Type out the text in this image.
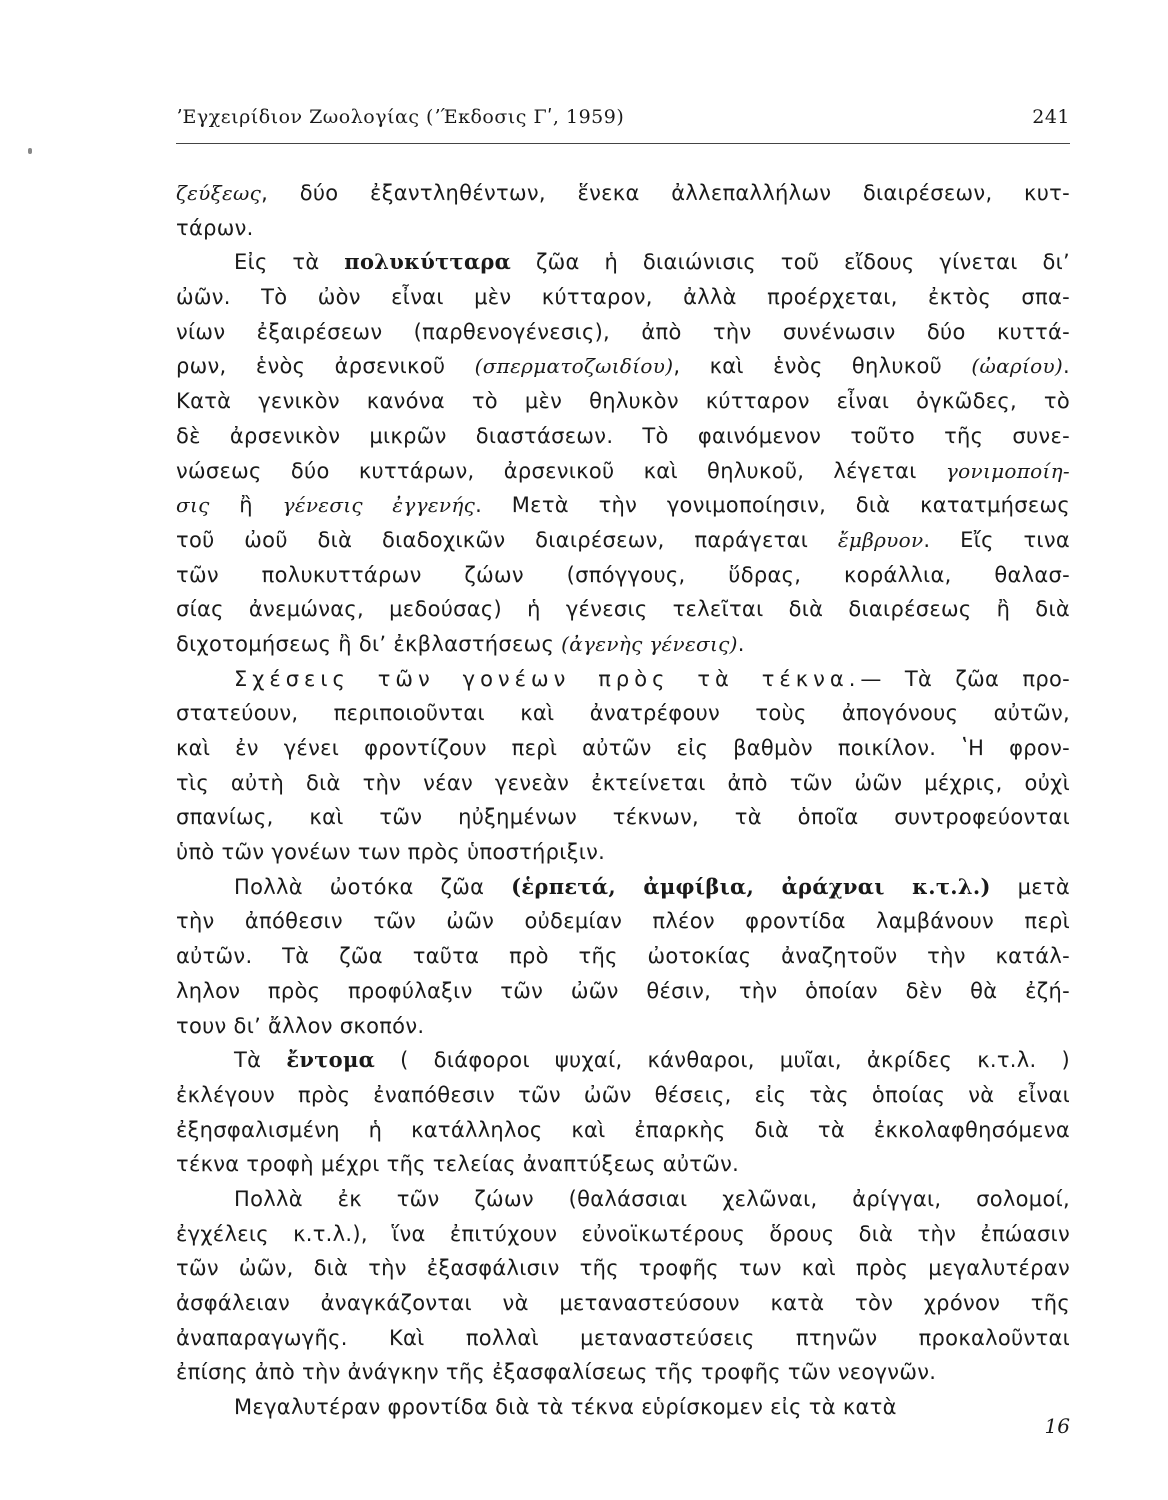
ʼΕγχειρίδιον Ζωολογίας (ʼΈκδοσις Γʹ, 1959)	241
ζεύξεως, δύο ἐξαντληθέντων, ἕνεκα ἀλλεπαλλήλων διαιρέσεων, κυτ-
τάρων.
Εἰς τὰ πολυκύτταρα ζῶα ἡ διαιώνισις τοῦ εἴδους γίνεται διʼ
ὠῶν. Τὸ ὠὸν εἶναι μὲν κύτταρον, ἀλλὰ προέρχεται, ἐκτὸς σπα-
νίων ἐξαιρέσεων (παρθενογένεσις), ἀπὸ τὴν συνένωσιν δύο κυττά-
ρων, ἑνὸς ἀρσενικοῦ (σπερματοζωιδίου), καὶ ἑνὸς θηλυκοῦ (ὠαρίου).
Κατὰ γενικὸν κανόνα τὸ μὲν θηλυκὸν κύτταρον εἶναι ὀγκῶδες, τὸ
δὲ ἀρσενικὸν μικρῶν διαστάσεων. Τὸ φαινόμενον τοῦτο τῆς συνε-
νώσεως δύο κυττάρων, ἀρσενικοῦ καὶ θηλυκοῦ, λέγεται γονιμοποίη-
σις ἢ γένεσις ἐγγενής. Μετὰ τὴν γονιμοποίησιν, διὰ κατατμήσεως
τοῦ ὠοῦ διὰ διαδοχικῶν διαιρέσεων, παράγεται ἔμβρυον. Εἴς τινα
τῶν πολυκυττάρων ζώων (σπόγγους, ὕδρας, κοράλλια, θαλασ-
σίας ἀνεμώνας, μεδούσας) ἡ γένεσις τελεῖται διὰ διαιρέσεως ἢ διὰ
διχοτομήσεως ἢ διʼ ἐκβλαστήσεως (ἀγενὴς γένεσις).
Σχέσεις τῶν γονέων πρὸς τὰ τέκνα.— Τὰ ζῶα προ-
στατεύουν, περιποιοῦνται καὶ ἀνατρέφουν τοὺς ἀπογόνους αὐτῶν,
καὶ ἐν γένει φροντίζουν περὶ αὐτῶν εἰς βαθμὸν ποικίλον. ʽΗ φρον-
τὶς αὐτὴ διὰ τὴν νέαν γενεὰν ἐκτείνεται ἀπὸ τῶν ὠῶν μέχρις, οὐχὶ
σπανίως, καὶ τῶν ηὐξημένων τέκνων, τὰ ὁποῖα συντροφεύονται
ὑπὸ τῶν γονέων των πρὸς ὑποστήριξιν.
Πολλὰ ὠοτόκα ζῶα (ἑρπετά, ἀμφίβια, ἀράχναι κ.τ.λ.) μετὰ
τὴν ἀπόθεσιν τῶν ὠῶν οὐδεμίαν πλέον φροντίδα λαμβάνουν περὶ
αὐτῶν. Τὰ ζῶα ταῦτα πρὸ τῆς ὠοτοκίας ἀναζητοῦν τὴν κατάλ-
ληλον πρὸς προφύλαξιν τῶν ὠῶν θέσιν, τὴν ὁποίαν δὲν θὰ ἐζή-
τουν διʼ ἄλλον σκοπόν.
Τὰ ἔντομα ( διάφοροι ψυχαί, κάνθαροι, μυῖαι, ἀκρίδες κ.τ.λ. )
ἐκλέγουν πρὸς ἐναπόθεσιν τῶν ὠῶν θέσεις, εἰς τὰς ὁποίας νὰ εἶναι
ἐξησφαλισμένη ἡ κατάλληλος καὶ ἐπαρκὴς διὰ τὰ ἐκκολαφθησόμενα
τέκνα τροφὴ μέχρι τῆς τελείας ἀναπτύξεως αὐτῶν.
Πολλὰ ἐκ τῶν ζώων (θαλάσσιαι χελῶναι, ἀρίγγαι, σολομοί,
ἐγχέλεις κ.τ.λ.), ἵνα ἐπιτύχουν εὐνοϊκωτέρους ὅρους διὰ τὴν ἐπώασιν
τῶν ὠῶν, διὰ τὴν ἐξασφάλισιν τῆς τροφῆς των καὶ πρὸς μεγαλυτέραν
ἀσφάλειαν ἀναγκάζονται νὰ μεταναστεύσουν κατὰ τὸν χρόνον τῆς
ἀναπαραγωγῆς. Καὶ πολλαὶ μεταναστεύσεις πτηνῶν προκαλοῦνται
ἐπίσης ἀπὸ τὴν ἀνάγκην τῆς ἐξασφαλίσεως τῆς τροφῆς τῶν νεογνῶν.
Μεγαλυτέραν φροντίδα διὰ τὰ τέκνα εὑρίσκομεν εἰς τὰ κατὰ
16
